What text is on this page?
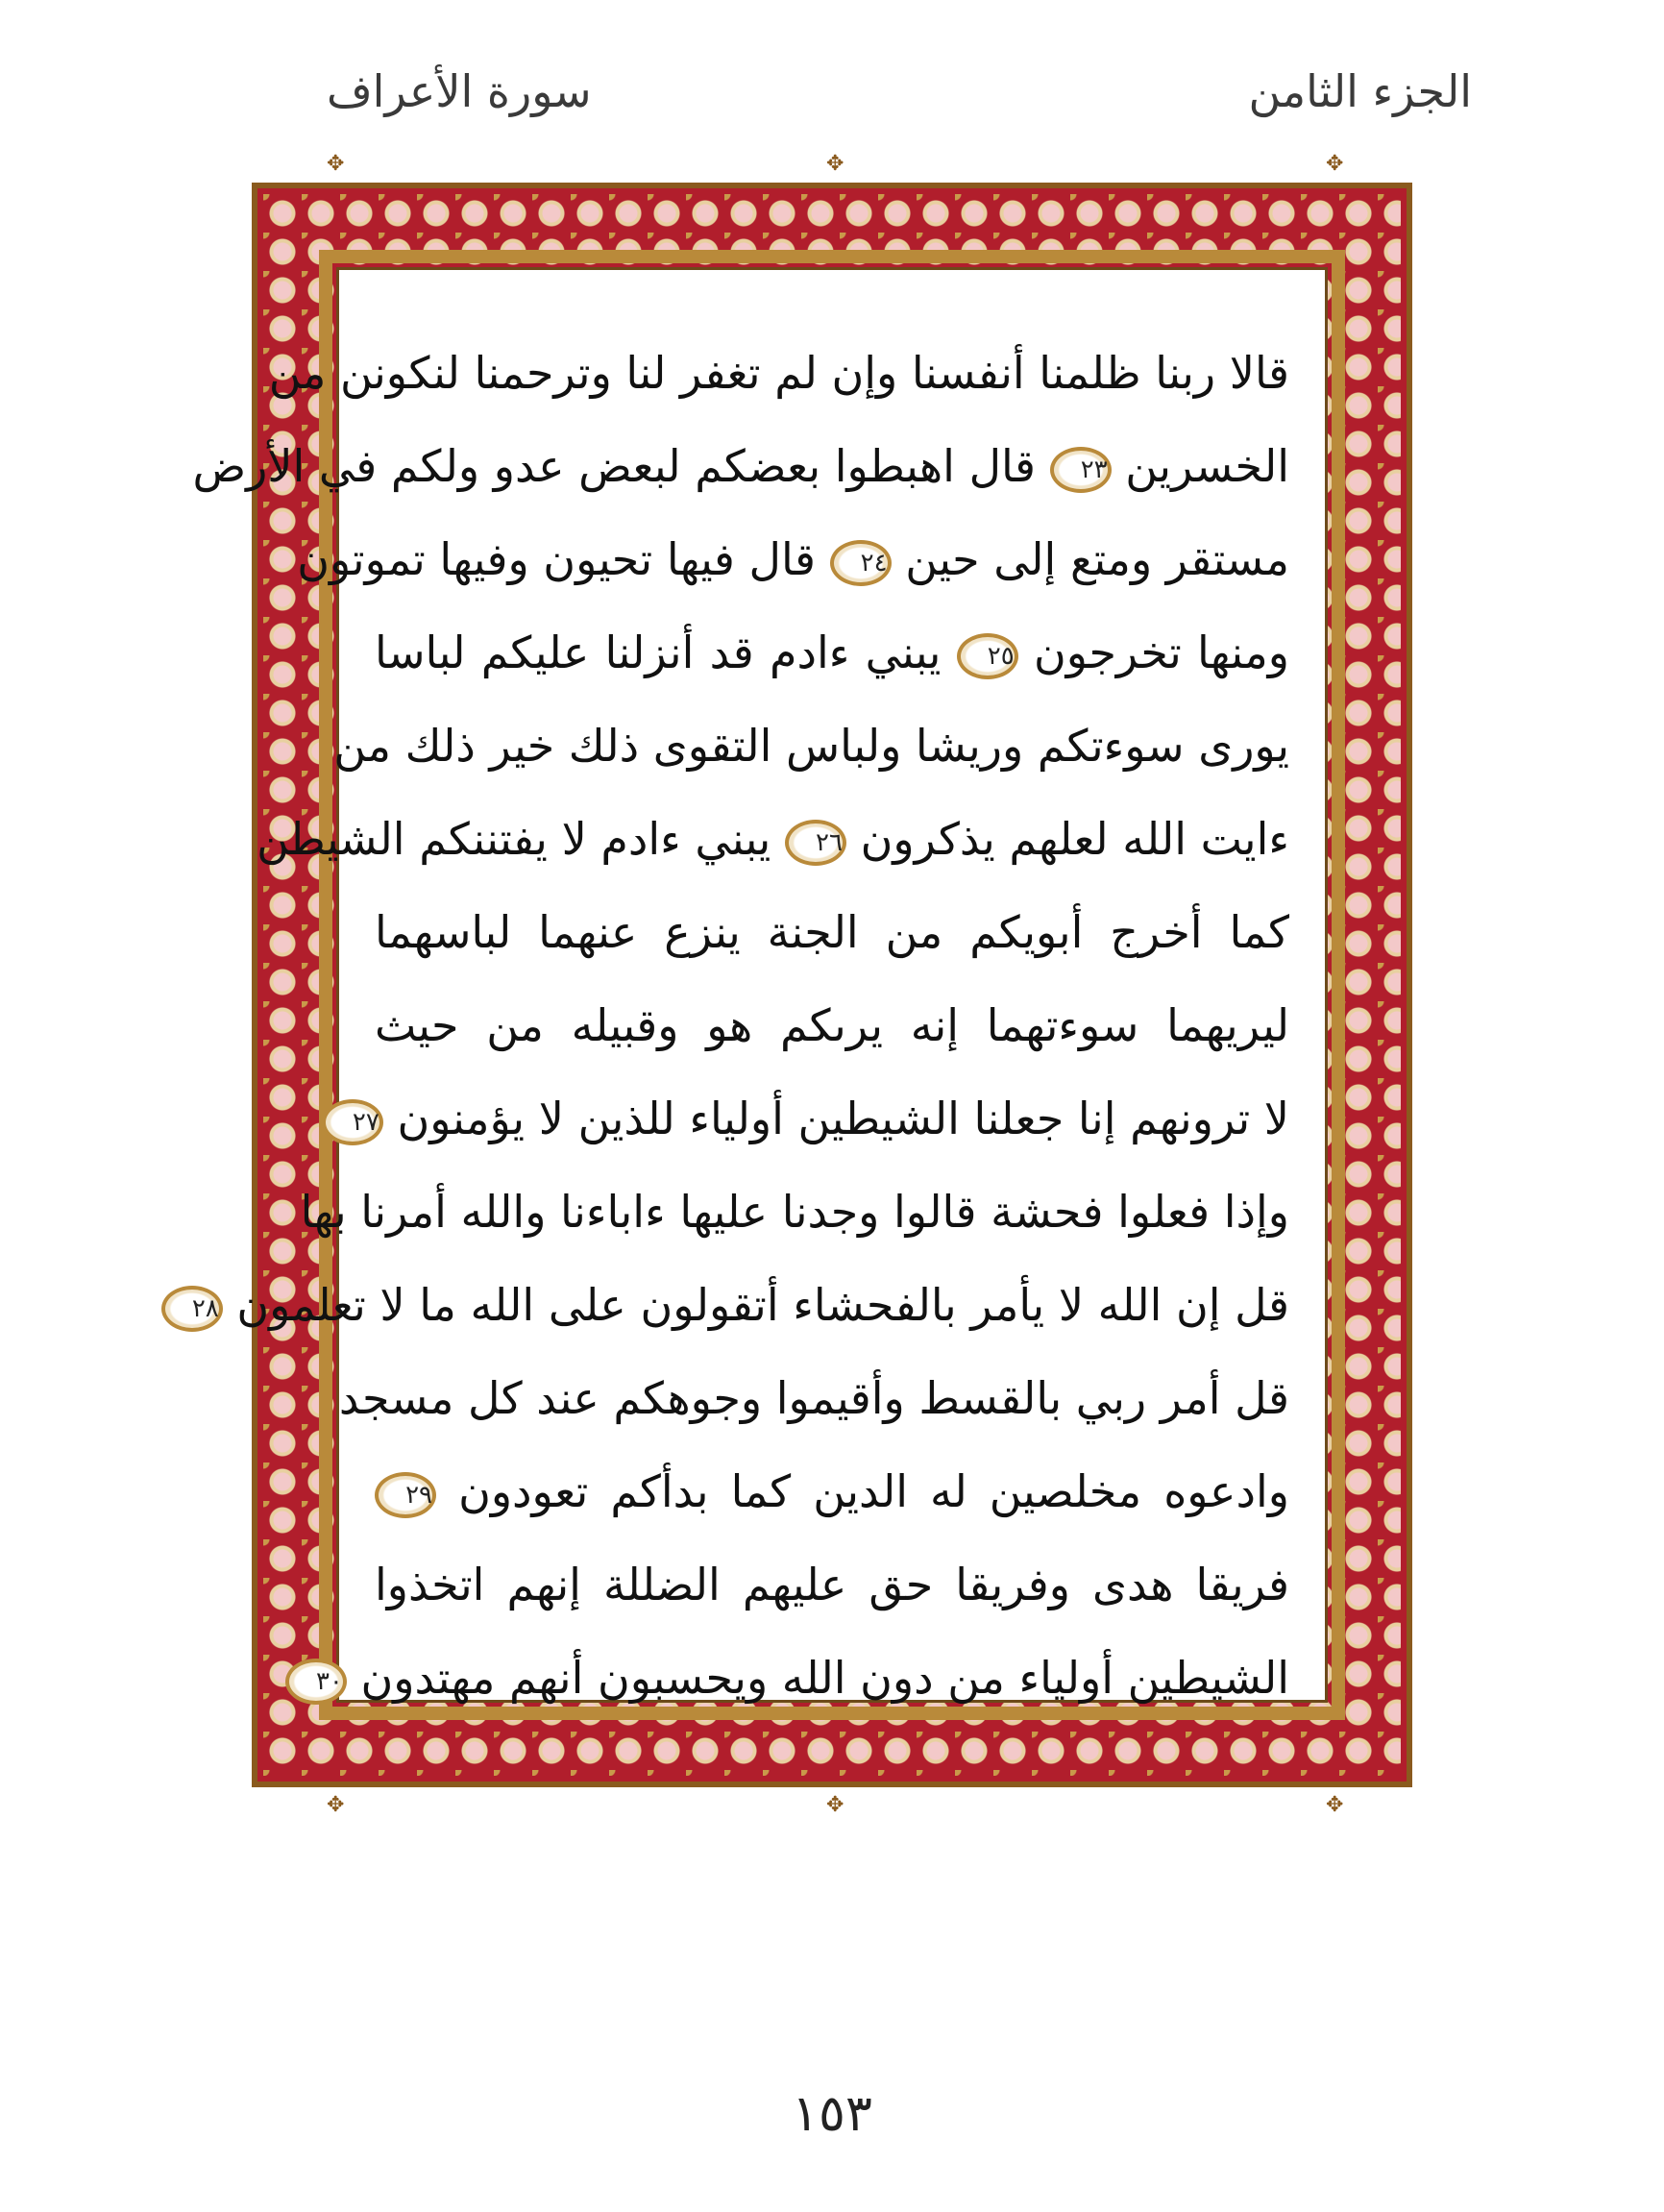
الجزء الثامن
سورة الأعراف
✥	✥	✥
✥	✥	✥
قالا ربنا ظلمنا أنفسنا وإن لم تغفر لنا وترحمنا لنكونن من
الخسرين ٢٣ قال اهبطوا بعضكم لبعض عدو ولكم في الأرض
مستقر ومتع إلى حين ٢٤ قال فيها تحيون وفيها تموتون
ومنها تخرجون ٢٥ يبني ءادم قد أنزلنا عليكم لباسا
يورى سوءتكم وريشا ولباس التقوى ذلك خير ذلك من
ءايت الله لعلهم يذكرون ٢٦ يبني ءادم لا يفتننكم الشيطن
كما أخرج أبويكم من الجنة ينزع عنهما لباسهما
ليريهما سوءتهما إنه يرىكم هو وقبيله من حيث
لا ترونهم إنا جعلنا الشيطين أولياء للذين لا يؤمنون ٢٧
وإذا فعلوا فحشة قالوا وجدنا عليها ءاباءنا والله أمرنا بها
قل إن الله لا يأمر بالفحشاء أتقولون على الله ما لا تعلمون ٢٨
قل أمر ربي بالقسط وأقيموا وجوهكم عند كل مسجد
وادعوه مخلصين له الدين كما بدأكم تعودون ٢٩
فريقا هدى وفريقا حق عليهم الضللة إنهم اتخذوا
الشيطين أولياء من دون الله ويحسبون أنهم مهتدون ٣٠
١٥٣
